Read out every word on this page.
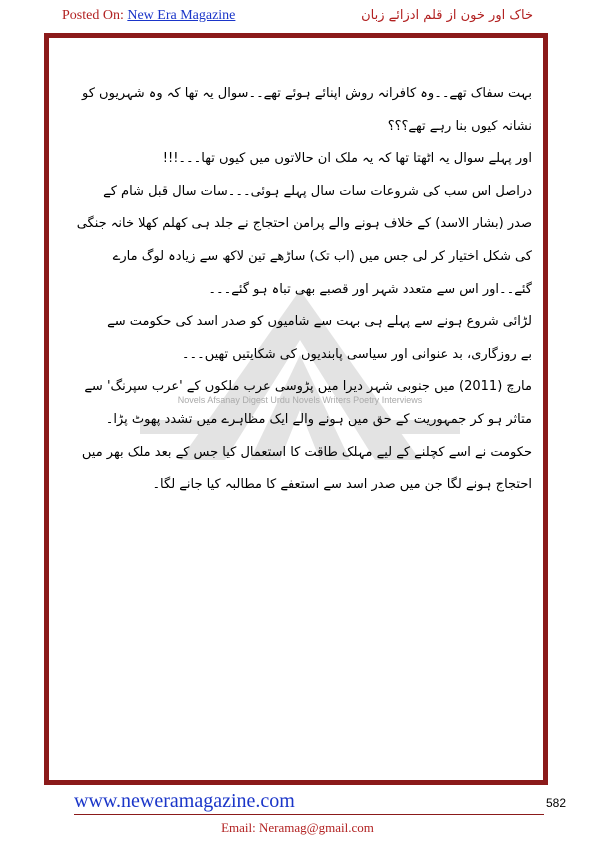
Posted On: New Era Magazine	خاک اور خون از قلم ادزائے زبان
Novels Afsanay Digest Urdu Novels Writers Poetry Interviews
بہت سفاک تھے۔۔وہ کافرانہ روش اپنائے ہوئے تھے۔۔سوال یہ تھا کہ وہ شہریوں کو
نشانہ کیوں بنا رہے تھے؟؟؟
اور پہلے سوال یہ اٹھتا تھا کہ یہ ملک ان حالاتوں میں کیوں تھا۔۔۔!!!
دراصل اس سب کی شروعات سات سال پہلے ہوئی۔۔۔سات سال قبل شام کے
صدر (بشار الاسد) کے خلاف ہونے والے پرامن احتجاج نے جلد ہی کھلم کھلا خانہ جنگی
کی شکل اختیار کر لی جس میں (اب تک) ساڑھے تین لاکھ سے زیادہ لوگ مارے
گئے۔۔اور اس سے متعدد شہر اور قصبے بھی تباہ ہو گئے۔۔۔
لڑائی شروع ہونے سے پہلے ہی بہت سے شامیوں کو صدر اسد کی حکومت سے
بے روزگاری، بد عنوانی اور سیاسی پابندیوں کی شکایتیں تھیں۔۔۔
مارچ (2011) میں جنوبی شہر دیرا میں پڑوسی عرب ملکوں کے 'عرب سپرنگ' سے
متاثر ہو کر جمہوریت کے حق میں ہونے والے ایک مظاہرے میں تشدد پھوٹ پڑا۔
حکومت نے اسے کچلنے کے لیے مہلک طاقت کا استعمال کیا جس کے بعد ملک بھر میں
احتجاج ہونے لگا جن میں صدر اسد سے استعفے کا مطالبہ کیا جانے لگا۔
www.neweramagazine.com	582
Email: Neramag@gmail.com
